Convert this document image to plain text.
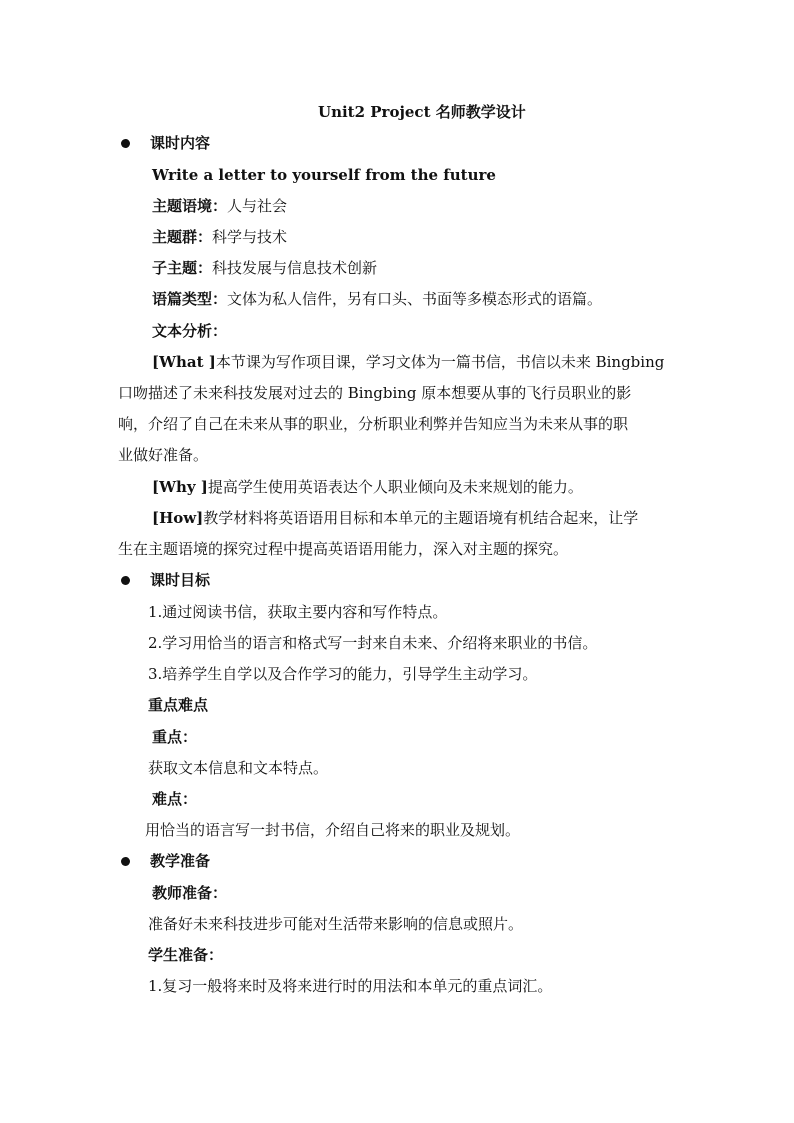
Unit2 Project 名师教学设计
课时内容
Write a letter to yourself from the future
主题语境：人与社会
主题群：科学与技术
子主题：科技发展与信息技术创新
语篇类型：文体为私人信件，另有口头、书面等多模态形式的语篇。
文本分析：
[What ]本节课为写作项目课，学习文体为一篇书信，书信以未来 Bingbing
口吻描述了未来科技发展对过去的 Bingbing 原本想要从事的飞行员职业的影
响，介绍了自己在未来从事的职业，分析职业利弊并告知应当为未来从事的职
业做好准备。
[Why ]提高学生使用英语表达个人职业倾向及未来规划的能力。
[How]教学材料将英语语用目标和本单元的主题语境有机结合起来，让学
生在主题语境的探究过程中提高英语语用能力，深入对主题的探究。
课时目标
1.通过阅读书信，获取主要内容和写作特点。
2.学习用恰当的语言和格式写一封来自未来、介绍将来职业的书信。
3.培养学生自学以及合作学习的能力，引导学生主动学习。
重点难点
重点：
获取文本信息和文本特点。
难点：
用恰当的语言写一封书信，介绍自己将来的职业及规划。
教学准备
教师准备：
准备好未来科技进步可能对生活带来影响的信息或照片。
学生准备：
1.复习一般将来时及将来进行时的用法和本单元的重点词汇。
